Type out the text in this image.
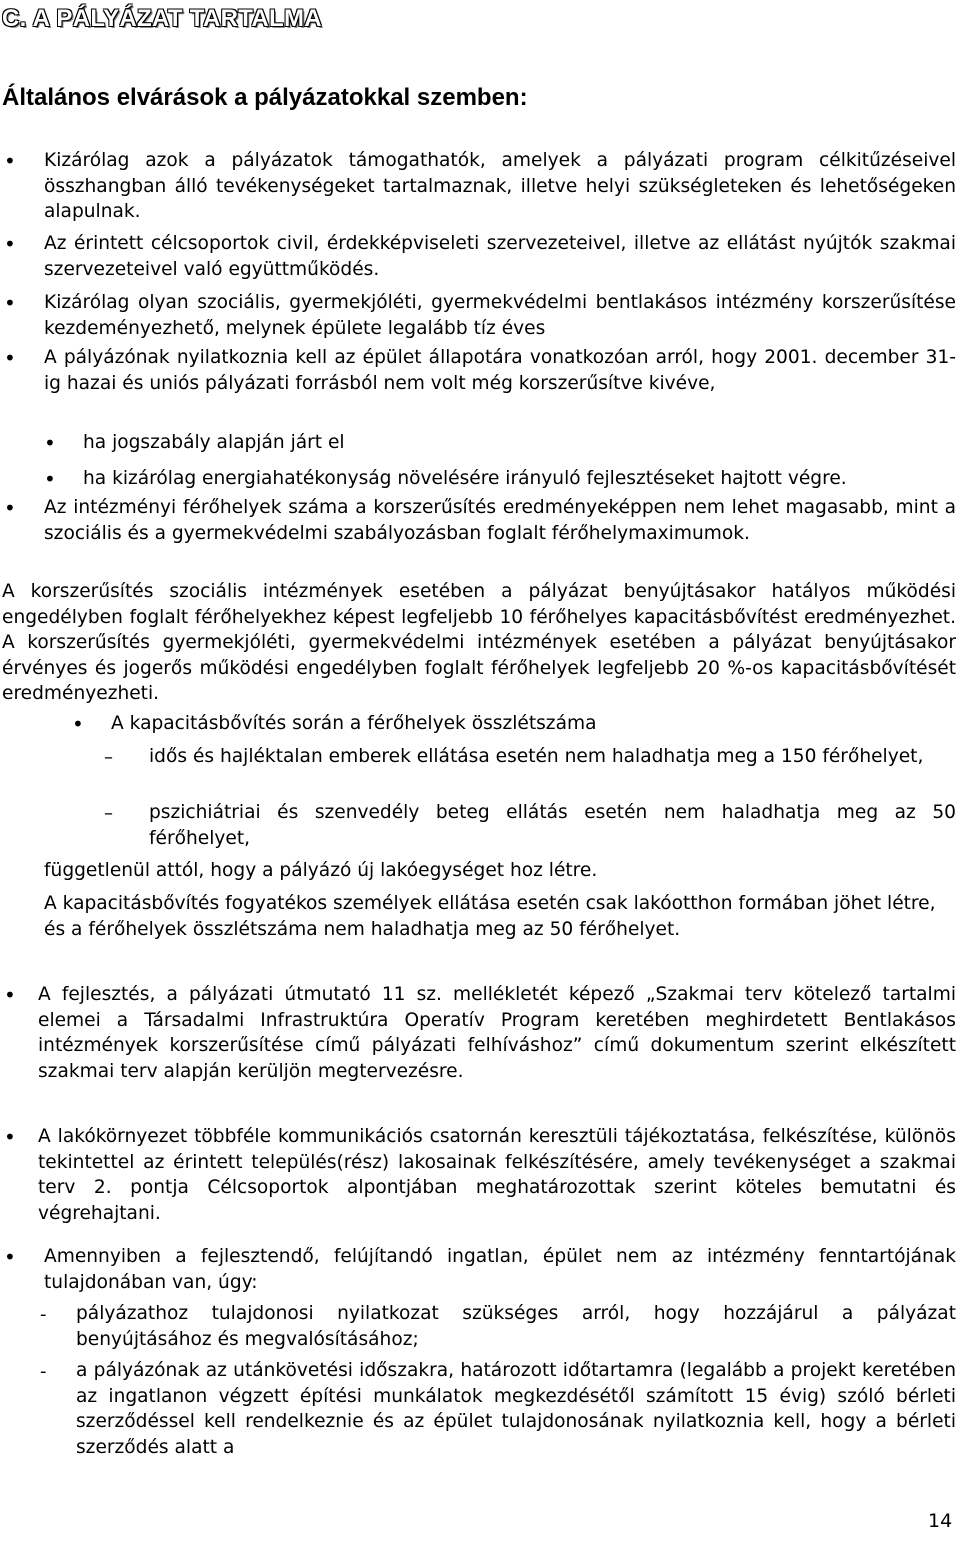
C. A PÁLYÁZAT TARTALMA
Általános elvárások a pályázatokkal szemben:
• Kizárólag azok a pályázatok támogathatók, amelyek a pályázati program célkitűzéseivel összhangban álló tevékenységeket tartalmaznak, illetve helyi szükségleteken és lehetőségeken alapulnak.

• Az érintett célcsoportok civil, érdekképviseleti szervezeteivel, illetve az ellátást nyújtók szakmai szervezeteivel való együttműködés.

• Kizárólag olyan szociális, gyermekjóléti, gyermekvédelmi bentlakásos intézmény korszerűsítése kezdeményezhető, melynek épülete legalább tíz éves

• A pályázónak nyilatkoznia kell az épület állapotára vonatkozóan arról, hogy 2001. december 31-ig hazai és uniós pályázati forrásból nem volt még korszerűsítve kivéve,

• ha jogszabály alapján járt el

• ha kizárólag energiahatékonyság növelésére irányuló fejlesztéseket hajtott végre.

• Az intézményi férőhelyek száma a korszerűsítés eredményeképpen nem lehet magasabb, mint a szociális és a gyermekvédelmi szabályozásban foglalt férőhelymaximumok.

A korszerűsítés szociális intézmények esetében a pályázat benyújtásakor hatályos működési engedélyben foglalt férőhelyekhez képest legfeljebb 10 férőhelyes kapacitásbővítést eredményezhet. A korszerűsítés gyermekjóléti, gyermekvédelmi intézmények esetében a pályázat benyújtásakor érvényes és jogerős működési engedélyben foglalt férőhelyek legfeljebb 20 %-os kapacitásbővítését eredményezheti.

• A kapacitásbővítés során a férőhelyek összlétszáma

– idős és hajléktalan emberek ellátása esetén nem haladhatja meg a 150 férőhelyet,

– pszichiátriai és szenvedély beteg ellátás esetén nem haladhatja meg az 50 férőhelyet,

függetlenül attól, hogy a pályázó új lakóegységet hoz létre.

A kapacitásbővítés fogyatékos személyek ellátása esetén csak lakóotthon formában jöhet létre, és a férőhelyek összlétszáma nem haladhatja meg az 50 férőhelyet.

• A fejlesztés, a pályázati útmutató 11 sz. mellékletét képező „Szakmai terv kötelező tartalmi elemei a Társadalmi Infrastruktúra Operatív Program keretében meghirdetett Bentlakásos intézmények korszerűsítése című pályázati felhíváshoz” című dokumentum szerint elkészített szakmai terv alapján kerüljön megtervezésre.

• A lakókörnyezet többféle kommunikációs csatornán keresztüli tájékoztatása, felkészítése, különös tekintettel az érintett település(rész) lakosainak felkészítésére, amely tevékenységet a szakmai terv 2. pontja Célcsoportok alpontjában meghatározottak szerint köteles bemutatni és végrehajtani.

• Amennyiben a fejlesztendő, felújítandó ingatlan, épület nem az intézmény fenntartójának tulajdonában van, úgy:

- pályázathoz tulajdonosi nyilatkozat szükséges arról, hogy hozzájárul a pályázat benyújtásához és megvalósításához;

- a pályázónak az utánkövetési időszakra, határozott időtartamra (legalább a projekt keretében az ingatlanon végzett építési munkálatok megkezdésétől számított 15 évig) szóló bérleti szerződéssel kell rendelkeznie és az épület tulajdonosának nyilatkoznia kell, hogy a bérleti szerződés alatt a

14
